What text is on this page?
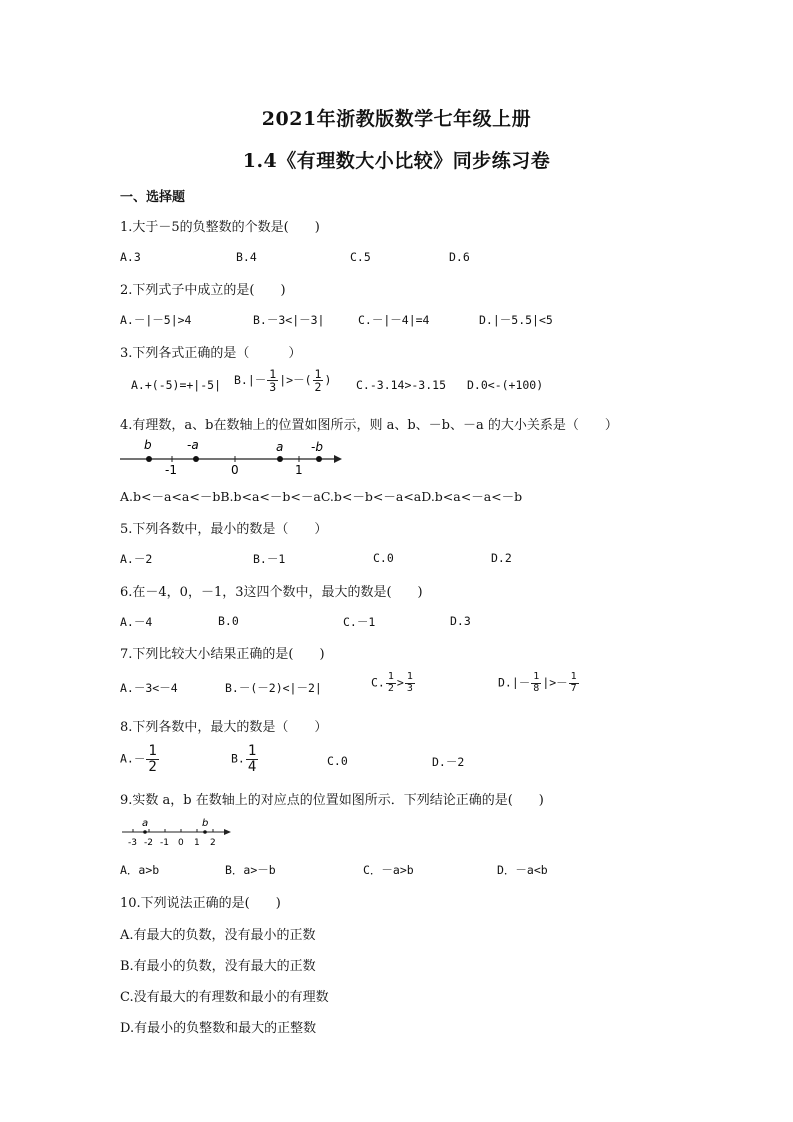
2021年浙教版数学七年级上册
1.4《有理数大小比较》同步练习卷
一、选择题
1.大于－5的负整数的个数是(　　)
A.3	B.4	C.5	D.6
2.下列式子中成立的是(　　)
A.－|－5|>4	B.－3<|－3|	C.－|－4|=4	D.|－5.5|<5
3.下列各式正确的是（　　　）
A.+(-5)=+|-5| $B.|- \frac{1}{3}$ |>－( $\frac{1}{2}$ ) C.-3.14>-3.15 D.0<-(+100)
4.有理数，a、b在数轴上的位置如图所示，则 a、b、－b、－a 的大小关系是（　　）
b	-a	a -b
-1	0	1
A.b<－a<a<－bB.b<a<－b<－aC.b<－b<－a<aD.b<a<－a<－b
5.下列各数中，最小的数是（　　）
A.－2	B.－1	C.0	D.2
6.在－4，0，－1，3这四个数中，最大的数是(　　)
A.－4	B.0	C.－1	D.3
7.下列比较大小结果正确的是(　　)
A.－3<－4	B.－(－2)<|－2|	C. $\frac{1}{2} > \frac{1}{3}$	$D.|- \frac{1}{8}$ |>－ $\frac{1}{7}$
8.下列各数中，最大的数是（　　）
$A.- \frac{1}{2}$	B. $\frac{1}{4}$	C.0	D.－2
9.实数 a，b 在数轴上的对应点的位置如图所示．下列结论正确的是(　　)
a	b
-3 -2 -1 0 1 2
A．a>b	B．a>－b	C．－a>b	D．－a<b
10.下列说法正确的是(　　)
A.有最大的负数，没有最小的正数
B.有最小的负数，没有最大的正数
C.没有最大的有理数和最小的有理数
D.有最小的负整数和最大的正整数
